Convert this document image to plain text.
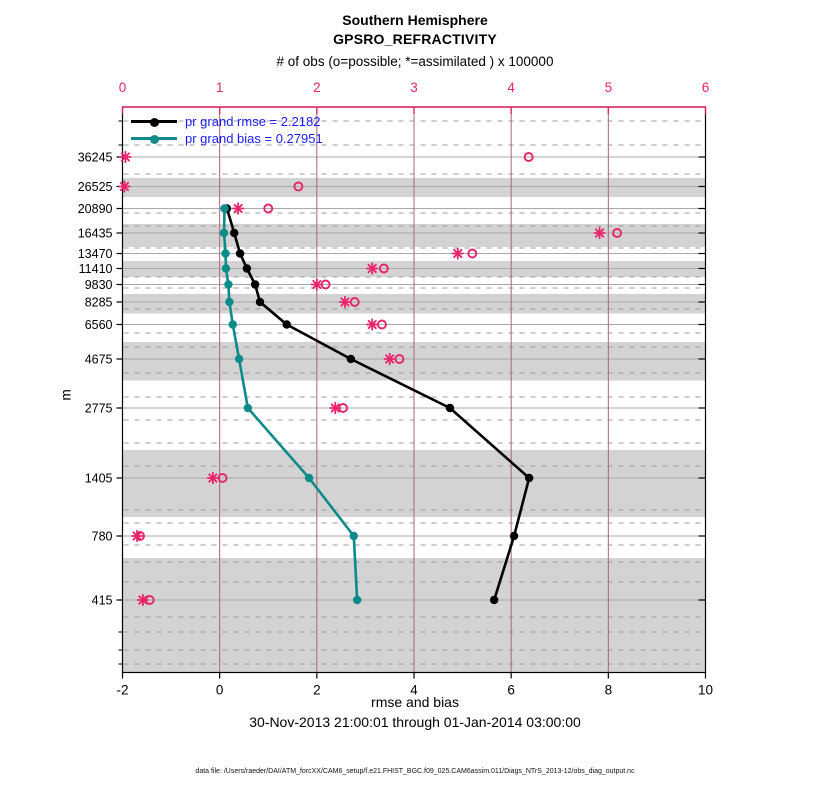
-2	0	2	4	6	8	10
0	1	2	3	4	5	6
36245
26525
20890
16435
13470
11410
9830
8285
6560
4675
2775
1405
780
415
Southern Hemisphere
GPSRO_REFRACTIVITY
# of obs (o=possible; *=assimilated ) x 100000
m
rmse and bias
30-Nov-2013 21:00:01 through 01-Jan-2014 03:00:00
data file: /Users/raeder/DAI/ATM_forcXX/CAM6_setup/f.e21.FHIST_BGC.f09_025.CAM6assim.011/Diags_NTrS_2013-12/obs_diag_output.nc
pr grand rmse = 2.2182
pr grand bias = 0.27951
